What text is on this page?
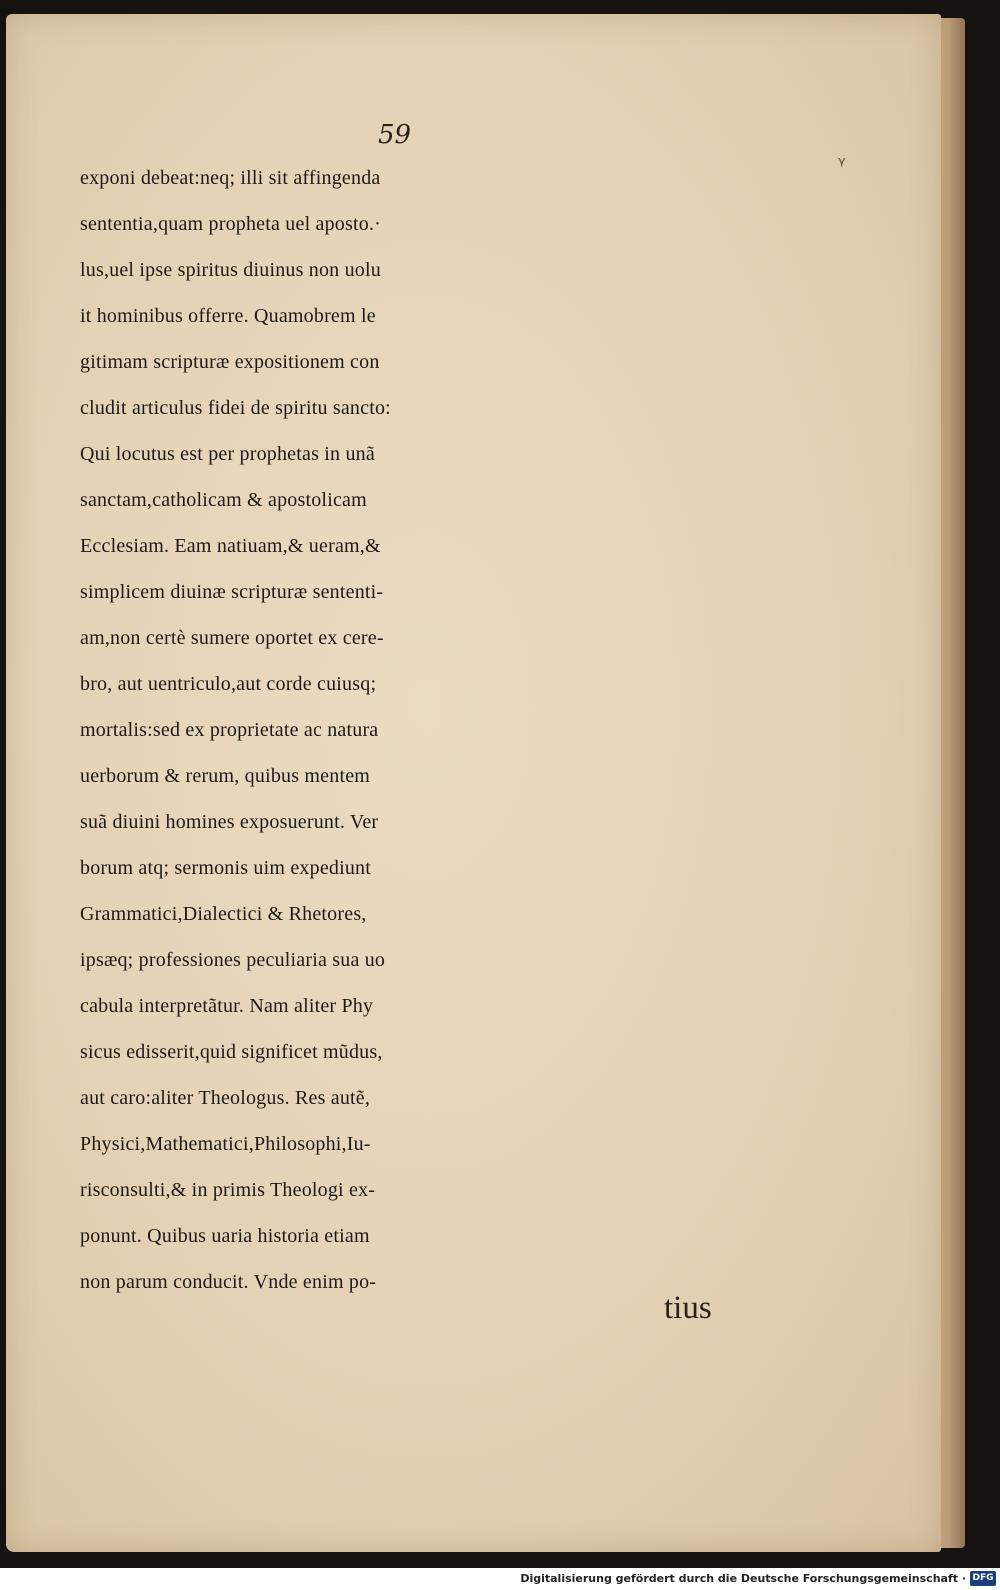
59
ᵞ
exponi debeat:neq; illi sit affingenda
sententia,quam propheta uel aposto.·
lus,uel ipse spiritus diuinus non uolu
it hominibus offerre. Quamobrem le
gitimam scripturæ expositionem con
cludit articulus fidei de spiritu sancto:
Qui locutus est per prophetas in unã
sanctam,catholicam & apostolicam
Ecclesiam. Eam natiuam,& ueram,&
simplicem diuinæ scripturæ sententi-
am,non certè sumere oportet ex cere-
bro, aut uentriculo,aut corde cuiusq;
mortalis:sed ex proprietate ac natura
uerborum & rerum, quibus mentem
suã diuini homines exposuerunt. Ver
borum atq; sermonis uim expediunt
Grammatici,Dialectici & Rhetores,
ipsæq; professiones peculiaria sua uo
cabula interpretãtur. Nam aliter Phy
sicus edisserit,quid significet mũdus,
aut caro:aliter Theologus. Res autẽ,
Physici,Mathematici,Philosophi,Iu-
risconsulti,& in primis Theologi ex-
ponunt. Quibus uaria historia etiam
non parum conducit. Vnde enim po-
tius
Digitalisierung gefördert durch die Deutsche Forschungsgemeinschaft · DFG
